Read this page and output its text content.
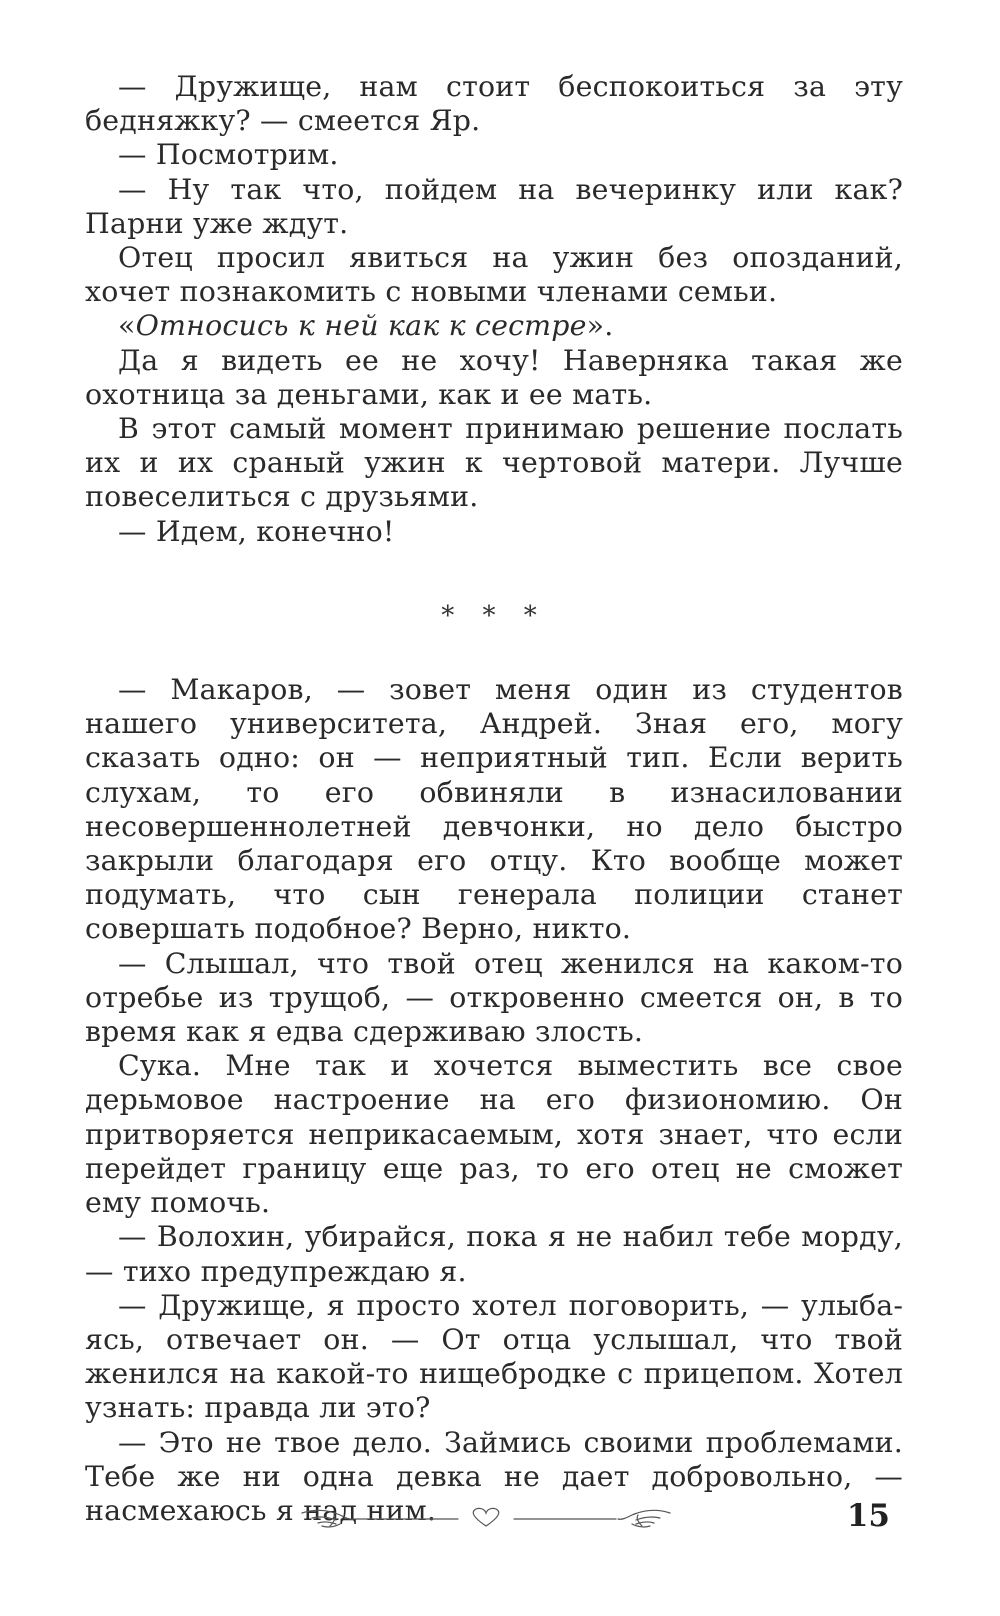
— Дружище, нам стоит беспокоиться за эту бедняжку? — смеется Яр.

— Посмотрим.

— Ну так что, пойдем на вечеринку или как? Парни уже ждут.

Отец просил явиться на ужин без опозданий, хочет познакомить с новыми членами семьи.

«Относись к ней как к сестре».

Да я видеть ее не хочу! Наверняка такая же охотница за деньгами, как и ее мать.

В этот самый момент принимаю решение послать их и их сраный ужин к чертовой матери. Лучше повеселиться с друзьями.

— Идем, конечно!

* * *

— Макаров, — зовет меня один из студентов нашего университета, Андрей. Зная его, могу сказать одно: он — неприятный тип. Если верить слухам, то его обвиняли в изнасиловании несовершеннолетней девчонки, но дело быстро закрыли благодаря его отцу. Кто вообще может подумать, что сын генерала полиции станет совершать подобное? Верно, никто.

— Слышал, что твой отец женился на каком-то отребье из трущоб, — откровенно смеется он, в то время как я едва сдерживаю злость.

Сука. Мне так и хочется выместить все свое дерьмовое настроение на его физиономию. Он притворяется неприкасаемым, хотя знает, что если перейдет границу еще раз, то его отец не сможет ему помочь.

— Волохин, убирайся, пока я не набил тебе морду, — тихо предупреждаю я.

— Дружище, я просто хотел поговорить, — улыбаясь, отвечает он. — От отца услышал, что твой женился на какой-то нищебродке с прицепом. Хотел узнать: правда ли это?

— Это не твое дело. Займись своими проблемами. Тебе же ни одна девка не дает добровольно, — насмехаюсь я над ним.	15
